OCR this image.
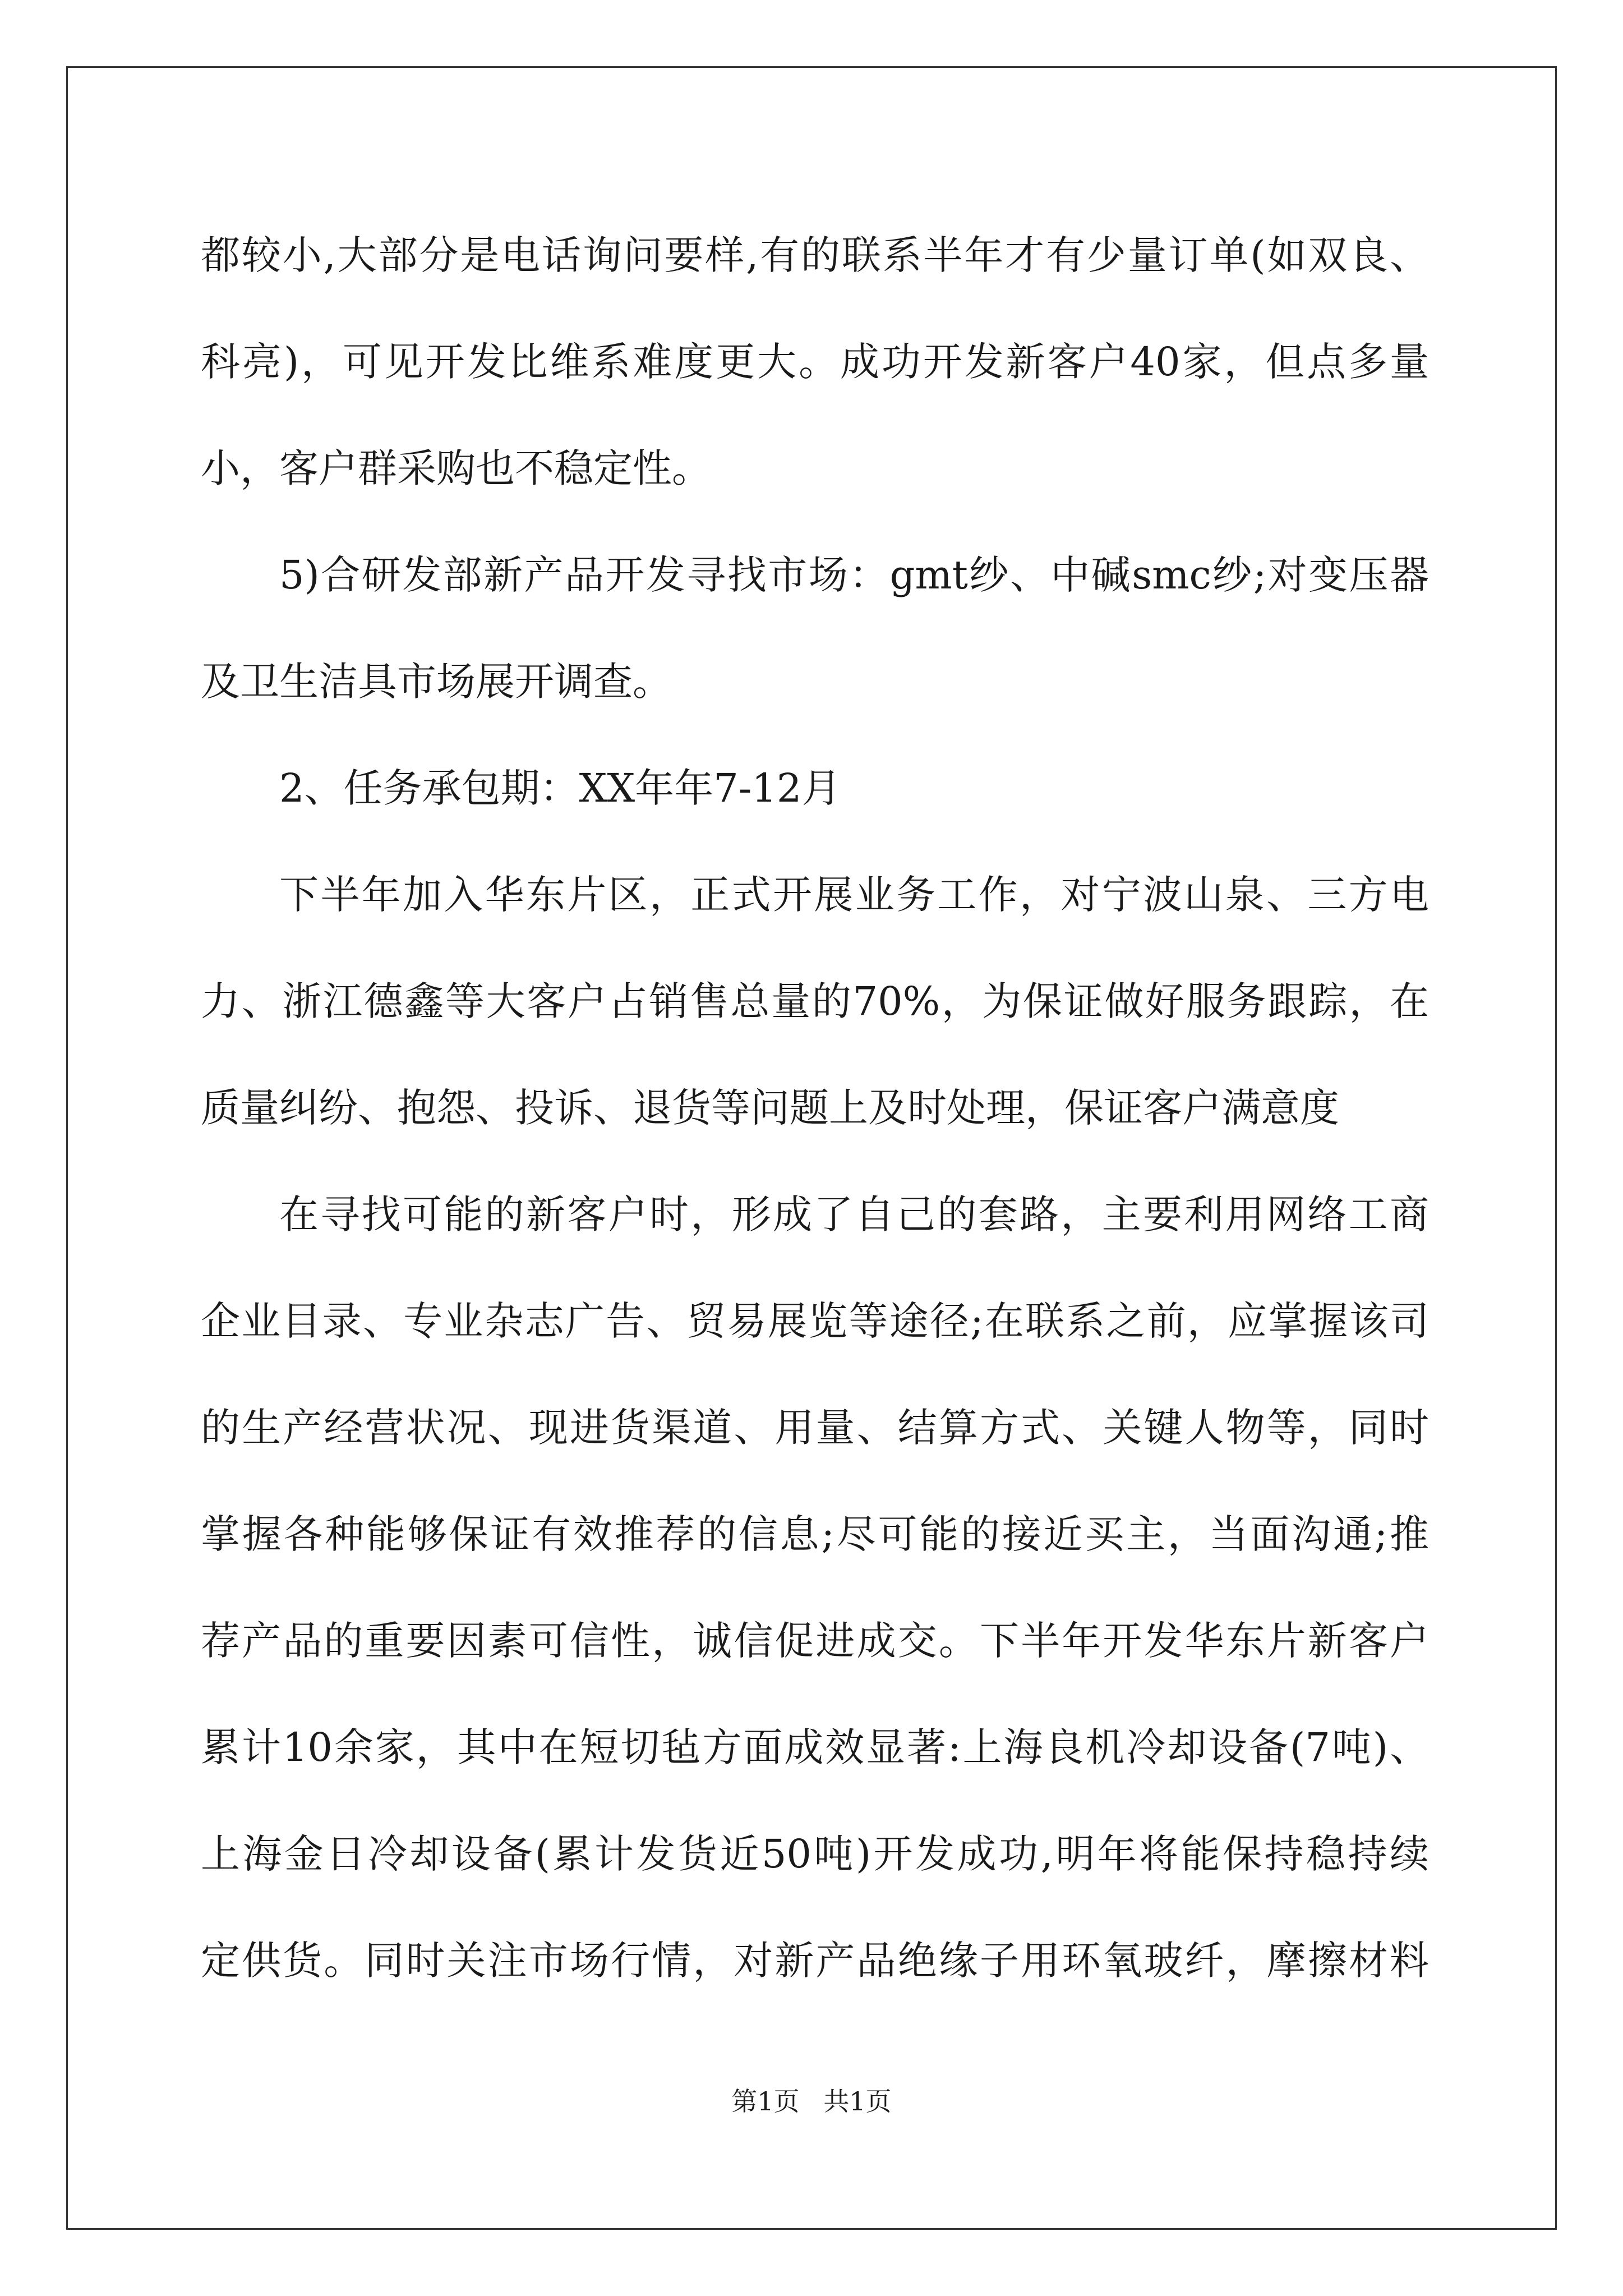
都较小,大部分是电话询问要样,有的联系半年才有少量订单(如双良、
科亮)，可见开发比维系难度更大。成功开发新客户40家，但点多量
小，客户群采购也不稳定性。
5)合研发部新产品开发寻找市场：gmt纱、中碱smc纱;对变压器
及卫生洁具市场展开调查。
2、任务承包期：XX年年7-12月
下半年加入华东片区，正式开展业务工作，对宁波山泉、三方电
力、浙江德鑫等大客户占销售总量的70%，为保证做好服务跟踪，在
质量纠纷、抱怨、投诉、退货等问题上及时处理，保证客户满意度
在寻找可能的新客户时，形成了自己的套路，主要利用网络工商
企业目录、专业杂志广告、贸易展览等途径;在联系之前，应掌握该司
的生产经营状况、现进货渠道、用量、结算方式、关键人物等，同时
掌握各种能够保证有效推荐的信息;尽可能的接近买主，当面沟通;推
荐产品的重要因素可信性，诚信促进成交。下半年开发华东片新客户
累计10余家，其中在短切毡方面成效显著:上海良机冷却设备(7吨)、
上海金日冷却设备(累计发货近50吨)开发成功,明年将能保持稳持续
定供货。同时关注市场行情，对新产品绝缘子用环氧玻纤，摩擦材料
第1页 共1页
